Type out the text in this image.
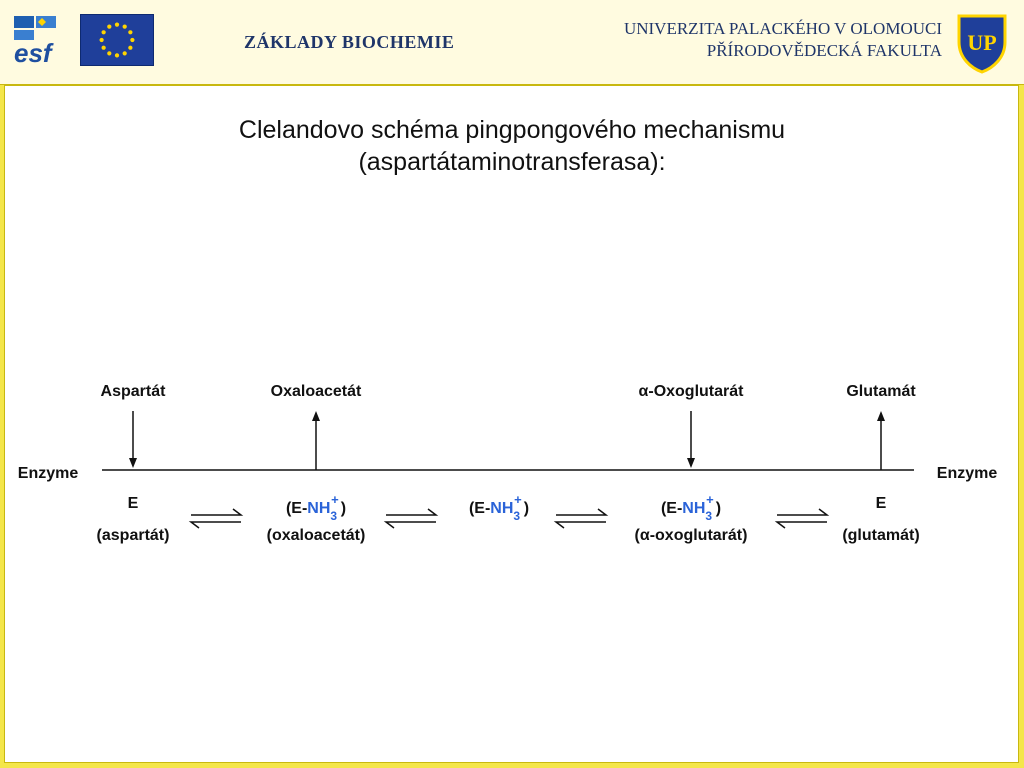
esf	ZÁKLADY BIOCHEMIE
UNIVERZITA PALACKÉHO V OLOMOUCI
PŘÍRODOVĚDECKÁ FAKULTA UP
Clelandovo schéma pingpongového mechanismu
(aspartátaminotransferasa):
Aspartát	Oxaloacetát	α-Oxoglutarát	Glutamát
Enzyme	Enzyme
E
(aspartát)
$(E-NH_3+)$
(oxaloacetát)
$(E-NH_3+)$	$(E-NH_3+)$
(α-oxoglutarát)
E
(glutamát)
